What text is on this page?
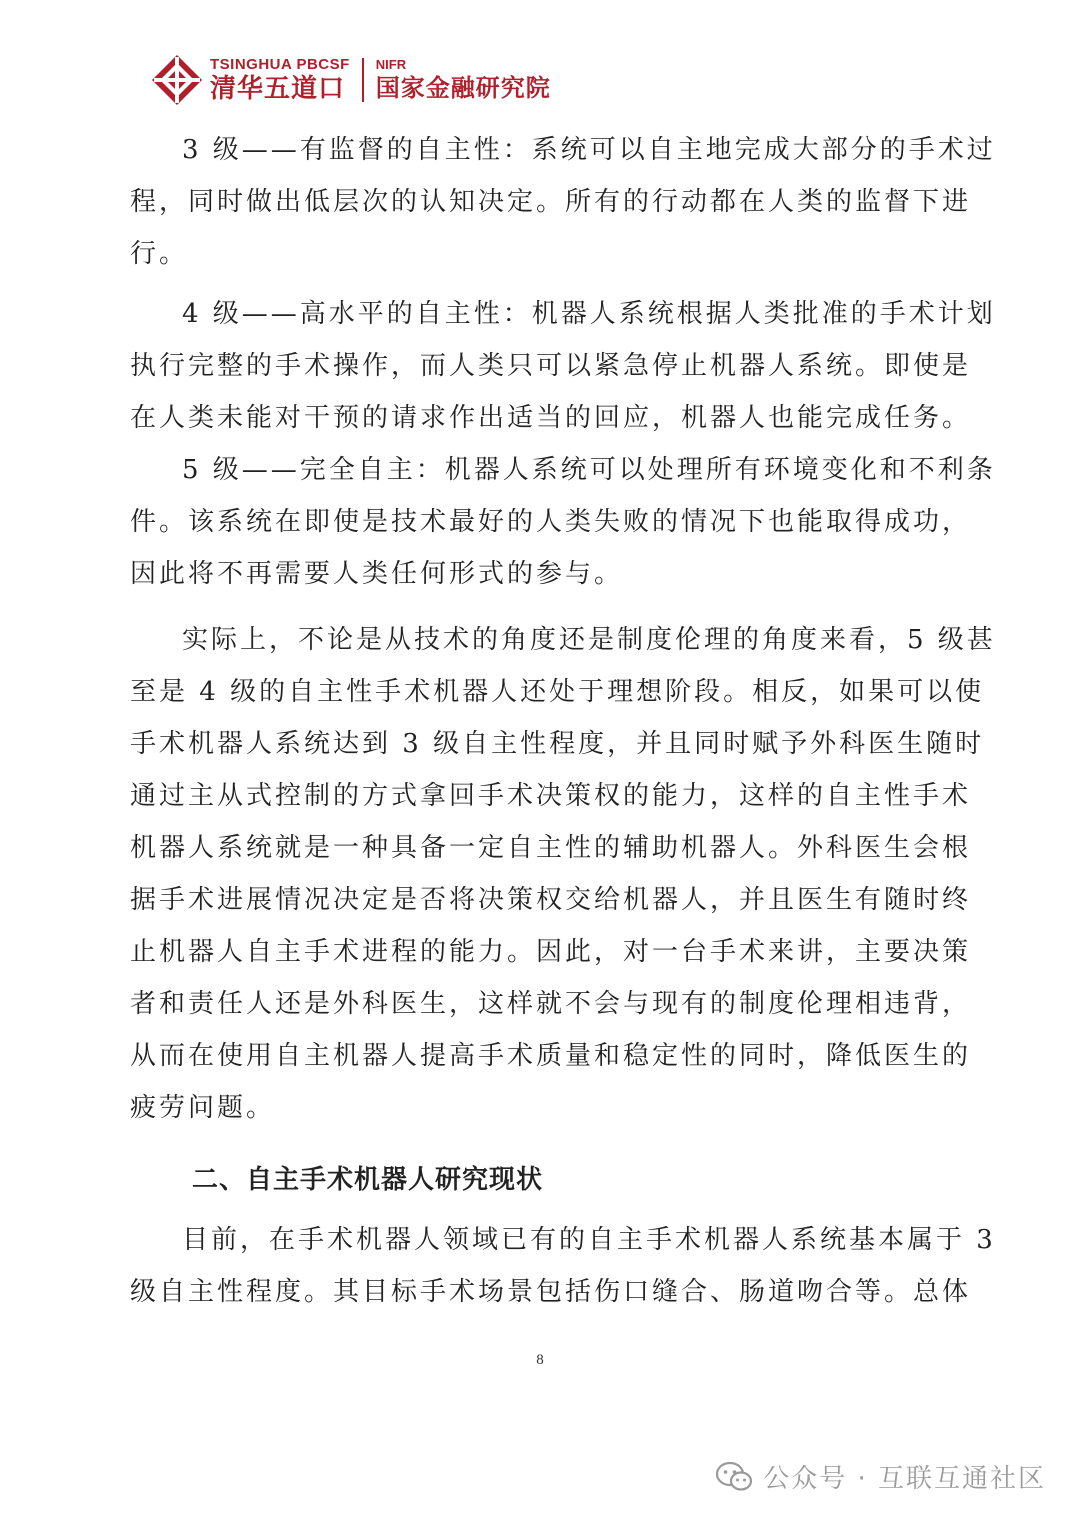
TSINGHUA PBCSF
清华五道口
NIFR
国家金融研究院

3 级——有监督的自主性：系统可以自主地完成大部分的手术过
程，同时做出低层次的认知决定。所有的行动都在人类的监督下进
行。

4 级——高水平的自主性：机器人系统根据人类批准的手术计划
执行完整的手术操作，而人类只可以紧急停止机器人系统。即使是
在人类未能对干预的请求作出适当的回应，机器人也能完成任务。

5 级——完全自主：机器人系统可以处理所有环境变化和不利条
件。该系统在即使是技术最好的人类失败的情况下也能取得成功，
因此将不再需要人类任何形式的参与。

实际上，不论是从技术的角度还是制度伦理的角度来看，5 级甚
至是 4 级的自主性手术机器人还处于理想阶段。相反，如果可以使
手术机器人系统达到 3 级自主性程度，并且同时赋予外科医生随时
通过主从式控制的方式拿回手术决策权的能力，这样的自主性手术
机器人系统就是一种具备一定自主性的辅助机器人。外科医生会根
据手术进展情况决定是否将决策权交给机器人，并且医生有随时终
止机器人自主手术进程的能力。因此，对一台手术来讲，主要决策
者和责任人还是外科医生，这样就不会与现有的制度伦理相违背，
从而在使用自主机器人提高手术质量和稳定性的同时，降低医生的
疲劳问题。

二、自主手术机器人研究现状

目前，在手术机器人领域已有的自主手术机器人系统基本属于 3
级自主性程度。其目标手术场景包括伤口缝合、肠道吻合等。总体

8
公众号 · 互联互通社区
